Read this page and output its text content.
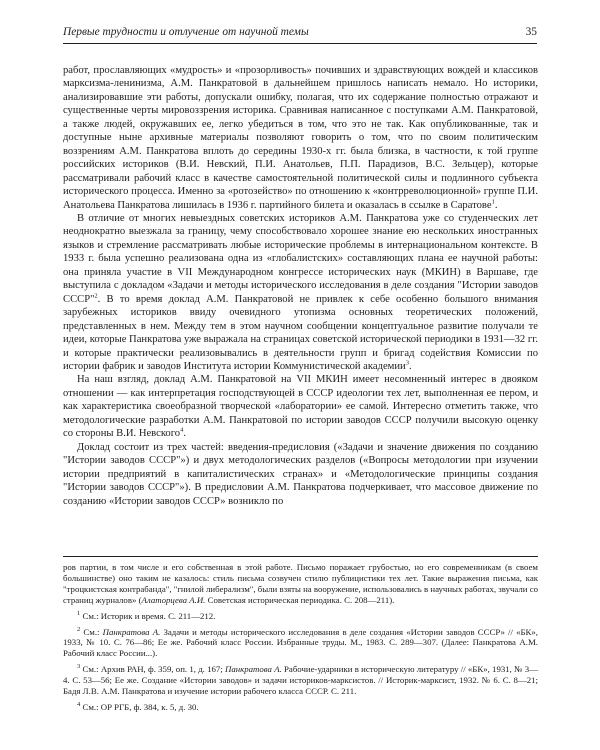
Первые трудности и отлучение от научной темы	35

работ, прославляющих «мудрость» и «прозорливость» почивших и здравствующих вождей и классиков марксизма-ленинизма, А.М. Панкратовой в дальнейшем пришлось написать немало. Но историки, анализировавшие эти работы, допускали ошибку, полагая, что их содержание полностью отражают и существенные черты мировоззрения историка. Сравнивая написанное с поступками А.М. Панкратовой, а также людей, окружавших ее, легко убедиться в том, что это не так. Как опубликованные, так и доступные ныне архивные материалы позволяют говорить о том, что по своим политическим воззрениям А.М. Панкратова вплоть до середины 1930-х гг. была близка, в частности, к той группе российских историков (В.И. Невский, П.И. Анатольев, П.П. Парадизов, В.С. Зельцер), которые рассматривали рабочий класс в качестве самостоятельной политической силы и подлинного субъекта исторического процесса. Именно за «ротозейство» по отношению к «контрреволюционной» группе П.И. Анатольева Панкратова лишилась в 1936 г. партийного билета и оказалась в ссылке в Саратове$^1$.

В отличие от многих невыездных советских историков А.М. Панкратова уже со студенческих лет неоднократно выезжала за границу, чему способствовало хорошее знание ею нескольких иностранных языков и стремление рассматривать любые исторические проблемы в интернациональном контексте. В 1933 г. была успешно реализована одна из «глобалистских» составляющих плана ее научной работы: она приняла участие в VII Международном конгрессе исторических наук (МКИН) в Варшаве, где выступила с докладом «Задачи и методы исторического исследования в деле создания "Истории заводов СССР"$^2$. В то время доклад А.М. Панкратовой не привлек к себе особенно большого внимания зарубежных историков ввиду очевидного утопизма основных теоретических положений, представленных в нем. Между тем в этом научном сообщении концептуальное развитие получали те идеи, которые Панкратова уже выражала на страницах советской исторической периодики в 1931—32 гг. и которые практически реализовывались в деятельности групп и бригад содействия Комиссии по истории фабрик и заводов Института истории Коммунистической академии$^3$.

На наш взгляд, доклад А.М. Панкратовой на VII МКИН имеет несомненный интерес в двояком отношении — как интерпретация господствующей в СССР идеологии тех лет, выполненная ее пером, и как характеристика своеобразной творческой «лаборатории» ее самой. Интересно отметить также, что методологические разработки А.М. Панкратовой по истории заводов СССР получили высокую оценку со стороны В.И. Невского$^4$.

Доклад состоит из трех частей: введения-предисловия («Задачи и значение движения по созданию "Истории заводов СССР"») и двух методологических разделов («Вопросы методологии при изучении истории предприятий в капиталистических странах» и «Методологические принципы создания "Истории заводов СССР"»). В предисловии А.М. Панкратова подчеркивает, что массовое движение по созданию «Истории заводов СССР» возникло по

ров партии, в том числе и его собственная в этой работе. Письмо поражает грубостью, но его современникам (в своем большинстве) оно таким не казалось: стиль письма созвучен стилю публицистики тех лет. Такие выражения письма, как "троцкистская контрабанда", "гнилой либерализм", были взяты на вооружение, использовались в научных работах, звучали со страниц журналов» (Алаторцева А.И. Советская историческая периодика. С. 208—211).

$^1$ См.: Историк и время. С. 211—212.

$^2$ См.: Панкратова А. Задачи и методы исторического исследования в деле создания «Истории заводов СССР» // «БК», 1933, № 10. С. 76—86; Ее же. Рабочий класс России. Избранные труды. М., 1983. С. 289—307. (Далее: Панкратова А.М. Рабочий класс России...).

$^3$ См.: Архив РАН, ф. 359, оп. 1, д. 167; Панкратова А. Рабочие-ударники в историческую литературу // «БК», 1931, № 3—4. С. 53—56; Ее же. Создание «Истории заводов» и задачи историков-марксистов. // Историк-марксист, 1932. № 6. С. 8—21; Бадя Л.В. А.М. Панкратова и изучение истории рабочего класса СССР. С. 211.

$^4$ См.: ОР РГБ, ф. 384, к. 5, д. 30.
